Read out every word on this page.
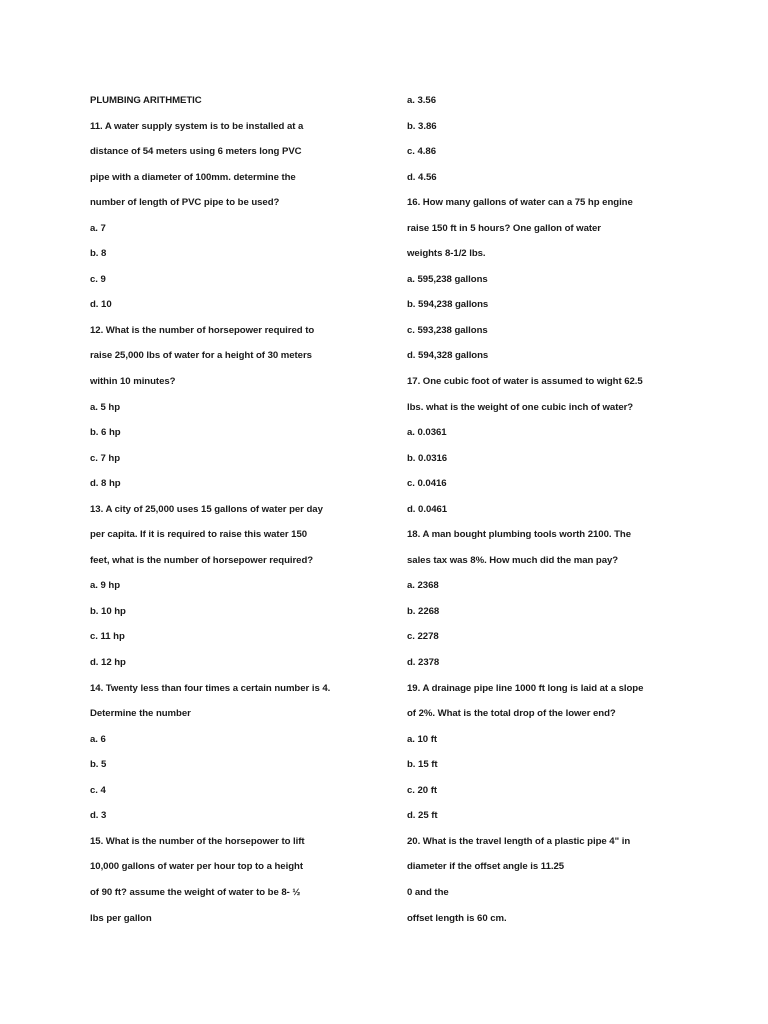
PLUMBING ARITHMETIC
11. A water supply system is to be installed at a
distance of 54 meters using 6 meters long PVC
pipe with a diameter of 100mm. determine the
number of length of PVC pipe to be used?
a. 7
b. 8
c. 9
d. 10
12. What is the number of horsepower required to
raise 25,000 lbs of water for a height of 30 meters
within 10 minutes?
a. 5 hp
b. 6 hp
c. 7 hp
d. 8 hp
13. A city of 25,000 uses 15 gallons of water per day
per capita. If it is required to raise this water 150
feet, what is the number of horsepower required?
a. 9 hp
b. 10 hp
c. 11 hp
d. 12 hp
14. Twenty less than four times a certain number is 4.
Determine the number
a. 6
b. 5
c. 4
d. 3
15. What is the number of the horsepower to lift
10,000 gallons of water per hour top to a height
of 90 ft? assume the weight of water to be 8- ½
lbs per gallon
a. 3.56
b. 3.86
c. 4.86
d. 4.56
16. How many gallons of water can a 75 hp engine
raise 150 ft in 5 hours? One gallon of water
weights 8-1/2 lbs.
a. 595,238 gallons
b. 594,238 gallons
c. 593,238 gallons
d. 594,328 gallons
17. One cubic foot of water is assumed to wight 62.5
lbs. what is the weight of one cubic inch of water?
a. 0.0361
b. 0.0316
c. 0.0416
d. 0.0461
18. A man bought plumbing tools worth 2100. The
sales tax was 8%. How much did the man pay?
a. 2368
b. 2268
c. 2278
d. 2378
19. A drainage pipe line 1000 ft long is laid at a slope
of 2%. What is the total drop of the lower end?
a. 10 ft
b. 15 ft
c. 20 ft
d. 25 ft
20. What is the travel length of a plastic pipe 4" in
diameter if the offset angle is 11.25
0 and the
offset length is 60 cm.
